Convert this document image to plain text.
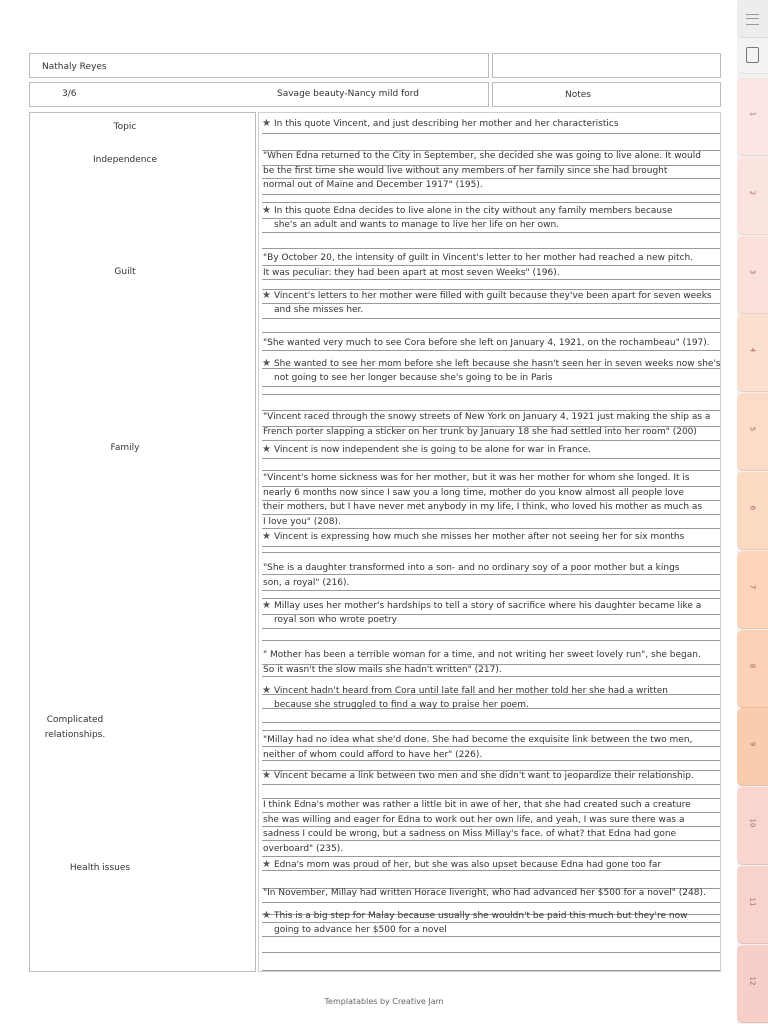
Nathaly Reyes
3/6	Savage beauty-Nancy mild ford	Notes
Topic
Independence
Guilt
Family
Complicated
relationships.
Health issues
★ In this quote Vincent, and just describing her mother and her characteristics
"When Edna returned to the City in September, she decided she was going to live alone. It would
be the first time she would live without any members of her family since she had brought
normal out of Maine and December 1917" (195).
★ In this quote Edna decides to live alone in the city without any family members because
she's an adult and wants to manage to live her life on her own.
"By October 20, the intensity of guilt in Vincent's letter to her mother had reached a new pitch.
It was peculiar: they had been apart at most seven Weeks" (196).
★ Vincent's letters to her mother were filled with guilt because they've been apart for seven weeks
and she misses her.
"She wanted very much to see Cora before she left on January 4, 1921, on the rochambeau" (197).
★ She wanted to see her mom before she left because she hasn't seen her in seven weeks now she's
not going to see her longer because she's going to be in Paris
"Vincent raced through the snowy streets of New York on January 4, 1921 just making the ship as a
French porter slapping a sticker on her trunk by January 18 she had settled into her room" (200)
★ Vincent is now independent she is going to be alone for war in France.
"Vincent's home sickness was for her mother, but it was her mother for whom she longed. It is
nearly 6 months now since I saw you a long time, mother do you know almost all people love
their mothers, but I have never met anybody in my life, I think, who loved his mother as much as
I love you" (208).
★ Vincent is expressing how much she misses her mother after not seeing her for six months
"She is a daughter transformed into a son- and no ordinary soy of a poor mother but a kings
son, a royal" (216).
★ Millay uses her mother's hardships to tell a story of sacrifice where his daughter became like a
royal son who wrote poetry
" Mother has been a terrible woman for a time, and not writing her sweet lovely run", she began.
So it wasn't the slow mails she hadn't written" (217).
★ Vincent hadn't heard from Cora until late fall and her mother told her she had a written
because she struggled to find a way to praise her poem.
"Millay had no idea what she'd done. She had become the exquisite link between the two men,
neither of whom could afford to have her" (226).
★ Vincent became a link between two men and she didn't want to jeopardize their relationship.
I think Edna's mother was rather a little bit in awe of her, that she had created such a creature
she was willing and eager for Edna to work out her own life, and yeah, I was sure there was a
sadness I could be wrong, but a sadness on Miss Millay's face. of what? that Edna had gone
overboard" (235).
★ Edna's mom was proud of her, but she was also upset because Edna had gone too far
"In November, Millay had written Horace liveright, who had advanced her $500 for a novel" (248).
★ This is a big step for Malay because usually she wouldn't be paid this much but they're now
going to advance her $500 for a novel
1
2
3
4
5
6
7
8
9
10
11
12
Templatables by Creative Jam
